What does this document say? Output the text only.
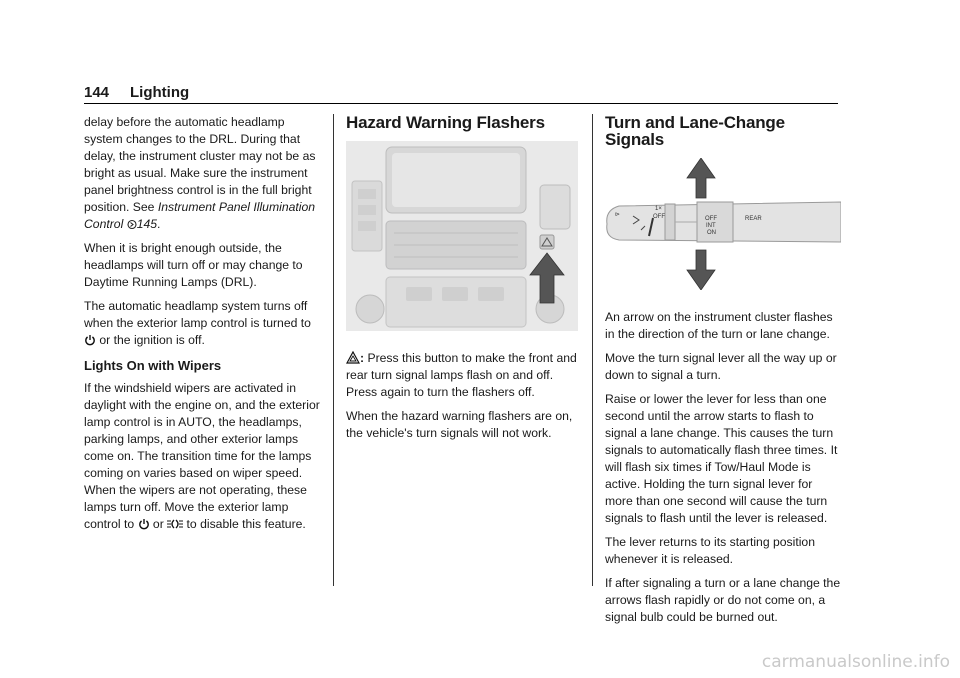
144 Lighting

delay before the automatic headlamp system changes to the DRL. During that delay, the instrument cluster may not be as bright as usual. Make sure the instrument panel brightness control is in the full bright position. See Instrument Panel Illumination Control 145.

When it is bright enough outside, the headlamps will turn off or may change to Daytime Running Lamps (DRL).

The automatic headlamp system turns off when the exterior lamp control is turned to
or the ignition is off.

Lights On with Wipers

If the windshield wipers are activated in daylight with the engine on, and the exterior lamp control is in AUTO, the headlamps, parking lamps, and other exterior lamps come on. The transition time for the lamps coming on varies based on wiper speed. When the wipers are not operating, these lamps turn off. Move the exterior lamp control to or to disable this feature.

Hazard Warning Flashers

: Press this button to make the front and rear turn signal lamps flash on and off. Press again to turn the flashers off.

When the hazard warning flashers are on, the vehicle's turn signals will not work.

Turn and Lane-Change Signals
⊳
1×
OFF	OFF
INT
ON
REAR

An arrow on the instrument cluster flashes in the direction of the turn or lane change.

Move the turn signal lever all the way up or down to signal a turn.

Raise or lower the lever for less than one second until the arrow starts to flash to signal a lane change. This causes the turn signals to automatically flash three times. It will flash six times if Tow/Haul Mode is active. Holding the turn signal lever for more than one second will cause the turn signals to flash until the lever is released.

The lever returns to its starting position whenever it is released.

If after signaling a turn or a lane change the arrows flash rapidly or do not come on, a signal bulb could be burned out.

carmanualsonline.info
